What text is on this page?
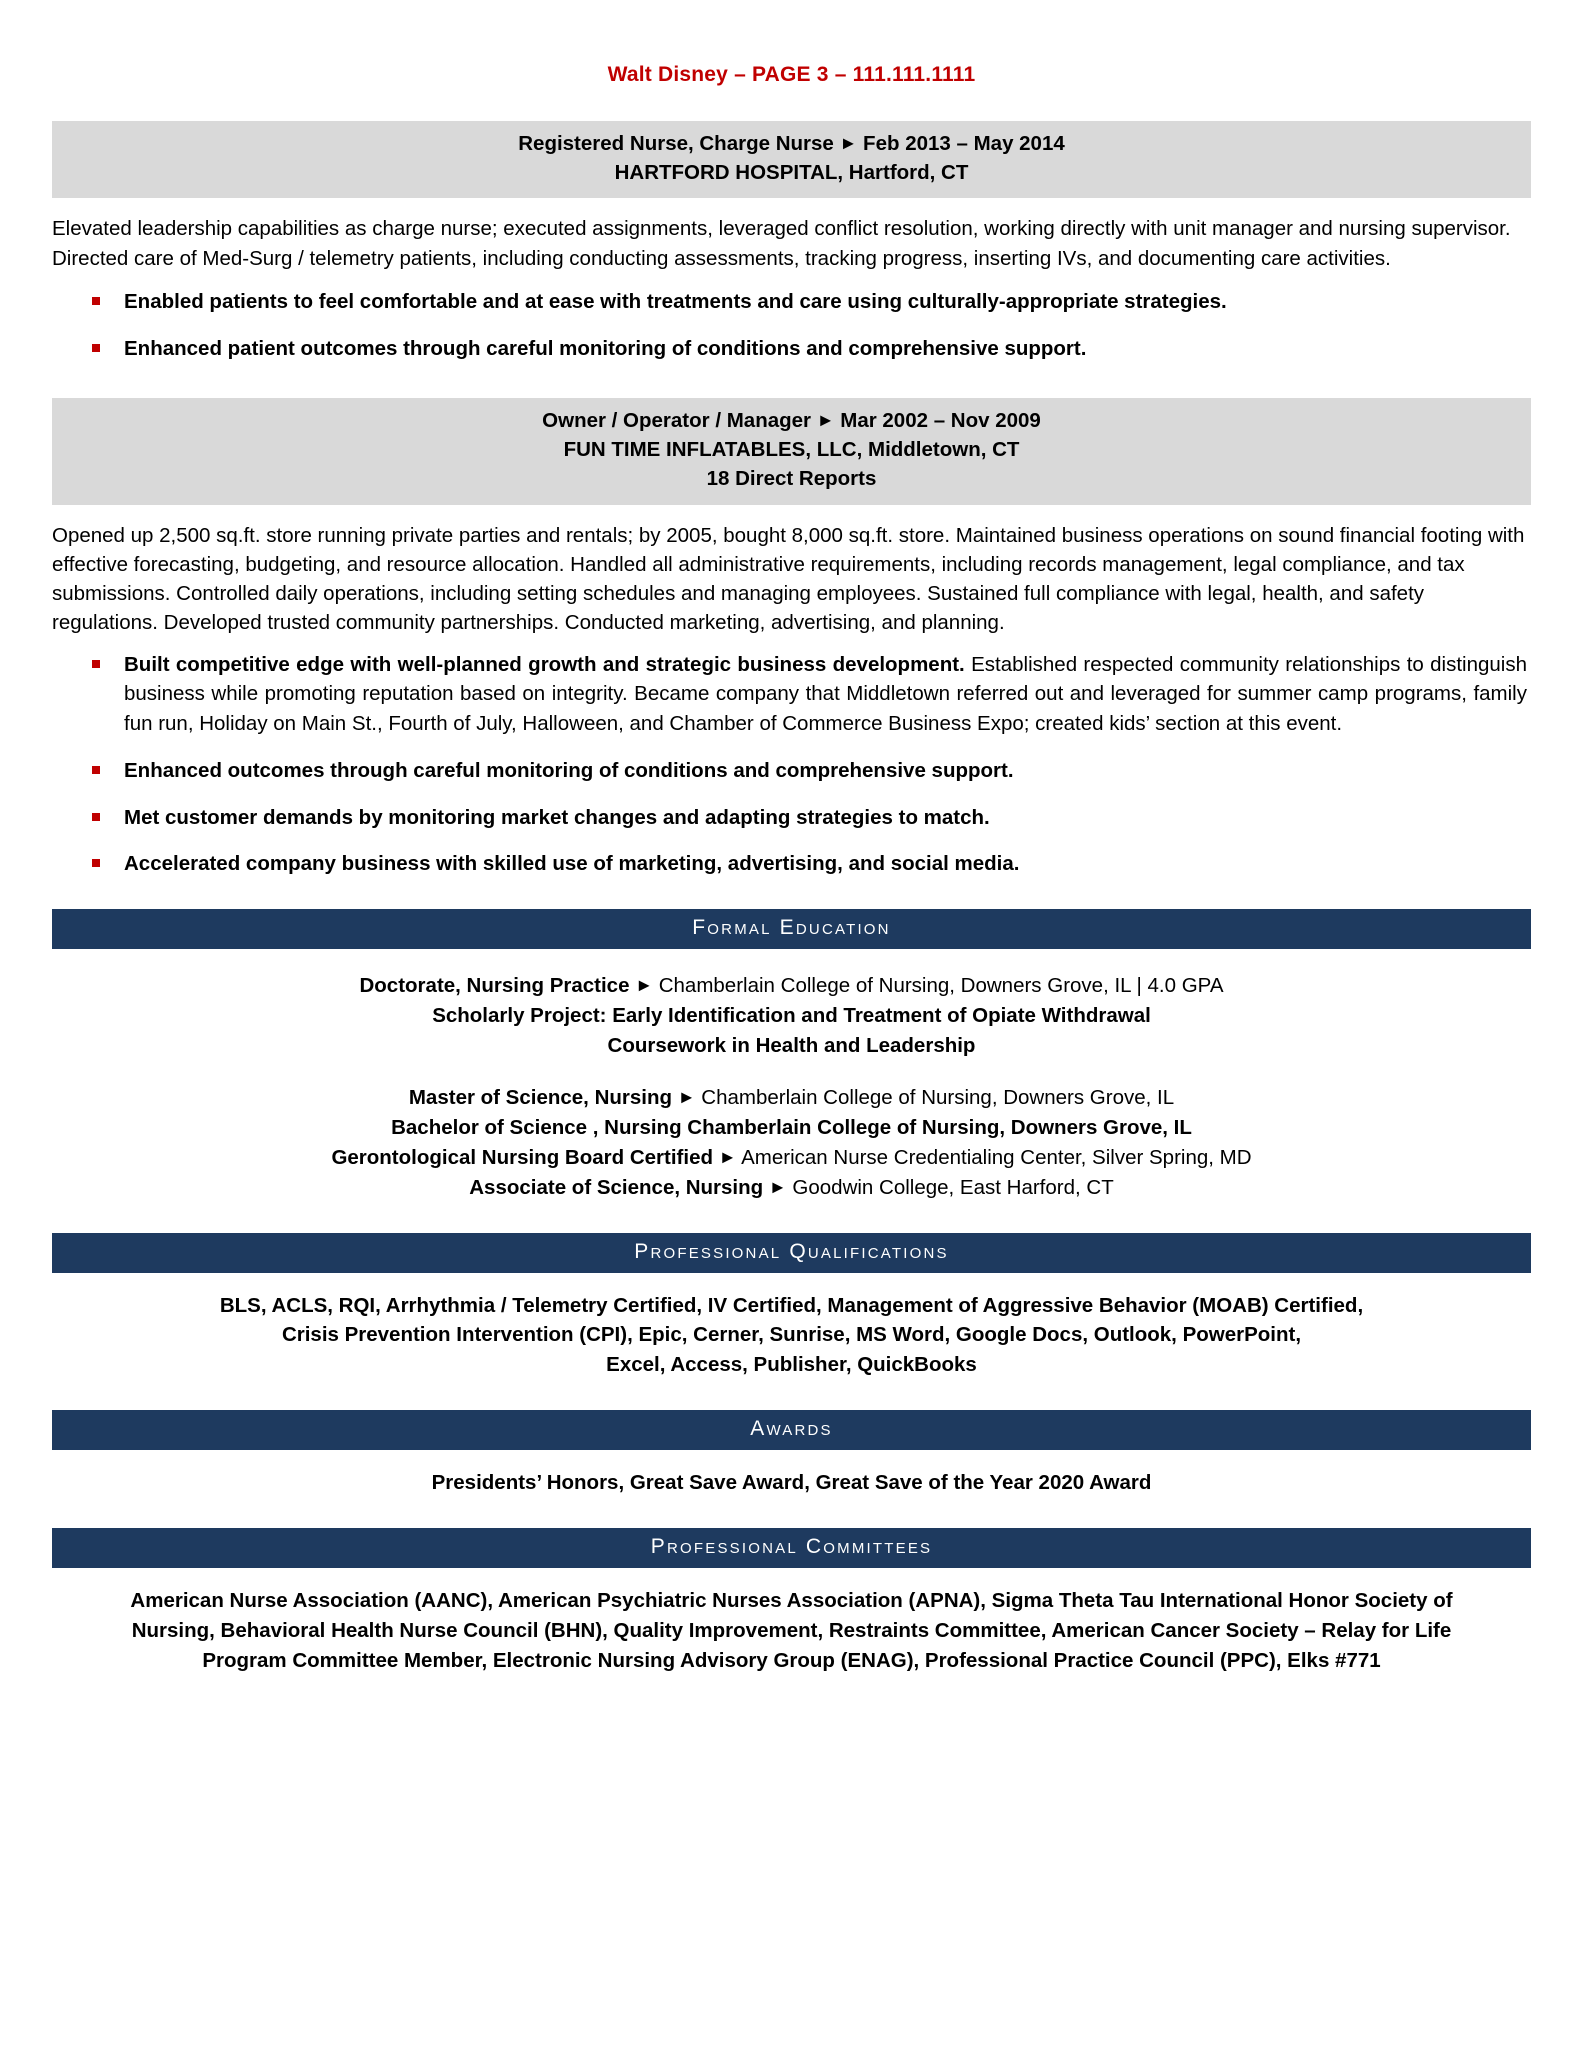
Walt Disney – PAGE 3 – 111.111.1111
Registered Nurse, Charge Nurse ► Feb 2013 – May 2014
HARTFORD HOSPITAL, Hartford, CT

Elevated leadership capabilities as charge nurse; executed assignments, leveraged conflict resolution, working directly with unit manager and nursing supervisor. Directed care of Med-Surg / telemetry patients, including conducting assessments, tracking progress, inserting IVs, and documenting care activities.

Enabled patients to feel comfortable and at ease with treatments and care using culturally-appropriate strategies.
Enhanced patient outcomes through careful monitoring of conditions and comprehensive support.
Owner / Operator / Manager ► Mar 2002 – Nov 2009
FUN TIME INFLATABLES, LLC, Middletown, CT
18 Direct Reports

Opened up 2,500 sq.ft. store running private parties and rentals; by 2005, bought 8,000 sq.ft. store. Maintained business operations on sound financial footing with effective forecasting, budgeting, and resource allocation. Handled all administrative requirements, including records management, legal compliance, and tax submissions. Controlled daily operations, including setting schedules and managing employees. Sustained full compliance with legal, health, and safety regulations. Developed trusted community partnerships. Conducted marketing, advertising, and planning.

Built competitive edge with well-planned growth and strategic business development. Established respected community relationships to distinguish business while promoting reputation based on integrity. Became company that Middletown referred out and leveraged for summer camp programs, family fun run, Holiday on Main St., Fourth of July, Halloween, and Chamber of Commerce Business Expo; created kids’ section at this event.
Enhanced outcomes through careful monitoring of conditions and comprehensive support.
Met customer demands by monitoring market changes and adapting strategies to match.
Accelerated company business with skilled use of marketing, advertising, and social media.
Formal Education
Doctorate, Nursing Practice ► Chamberlain College of Nursing, Downers Grove, IL | 4.0 GPA
Scholarly Project: Early Identification and Treatment of Opiate Withdrawal
Coursework in Health and Leadership
Master of Science, Nursing ► Chamberlain College of Nursing, Downers Grove, IL
Bachelor of Science , Nursing Chamberlain College of Nursing, Downers Grove, IL
Gerontological Nursing Board Certified ► American Nurse Credentialing Center, Silver Spring, MD
Associate of Science, Nursing ► Goodwin College, East Harford, CT
Professional Qualifications
BLS, ACLS, RQI, Arrhythmia / Telemetry Certified, IV Certified, Management of Aggressive Behavior (MOAB) Certified,
Crisis Prevention Intervention (CPI), Epic, Cerner, Sunrise, MS Word, Google Docs, Outlook, PowerPoint,
Excel, Access, Publisher, QuickBooks
Awards
Presidents’ Honors, Great Save Award, Great Save of the Year 2020 Award
Professional Committees
American Nurse Association (AANC), American Psychiatric Nurses Association (APNA), Sigma Theta Tau International Honor Society of
Nursing, Behavioral Health Nurse Council (BHN), Quality Improvement, Restraints Committee, American Cancer Society – Relay for Life
Program Committee Member, Electronic Nursing Advisory Group (ENAG), Professional Practice Council (PPC), Elks #771
